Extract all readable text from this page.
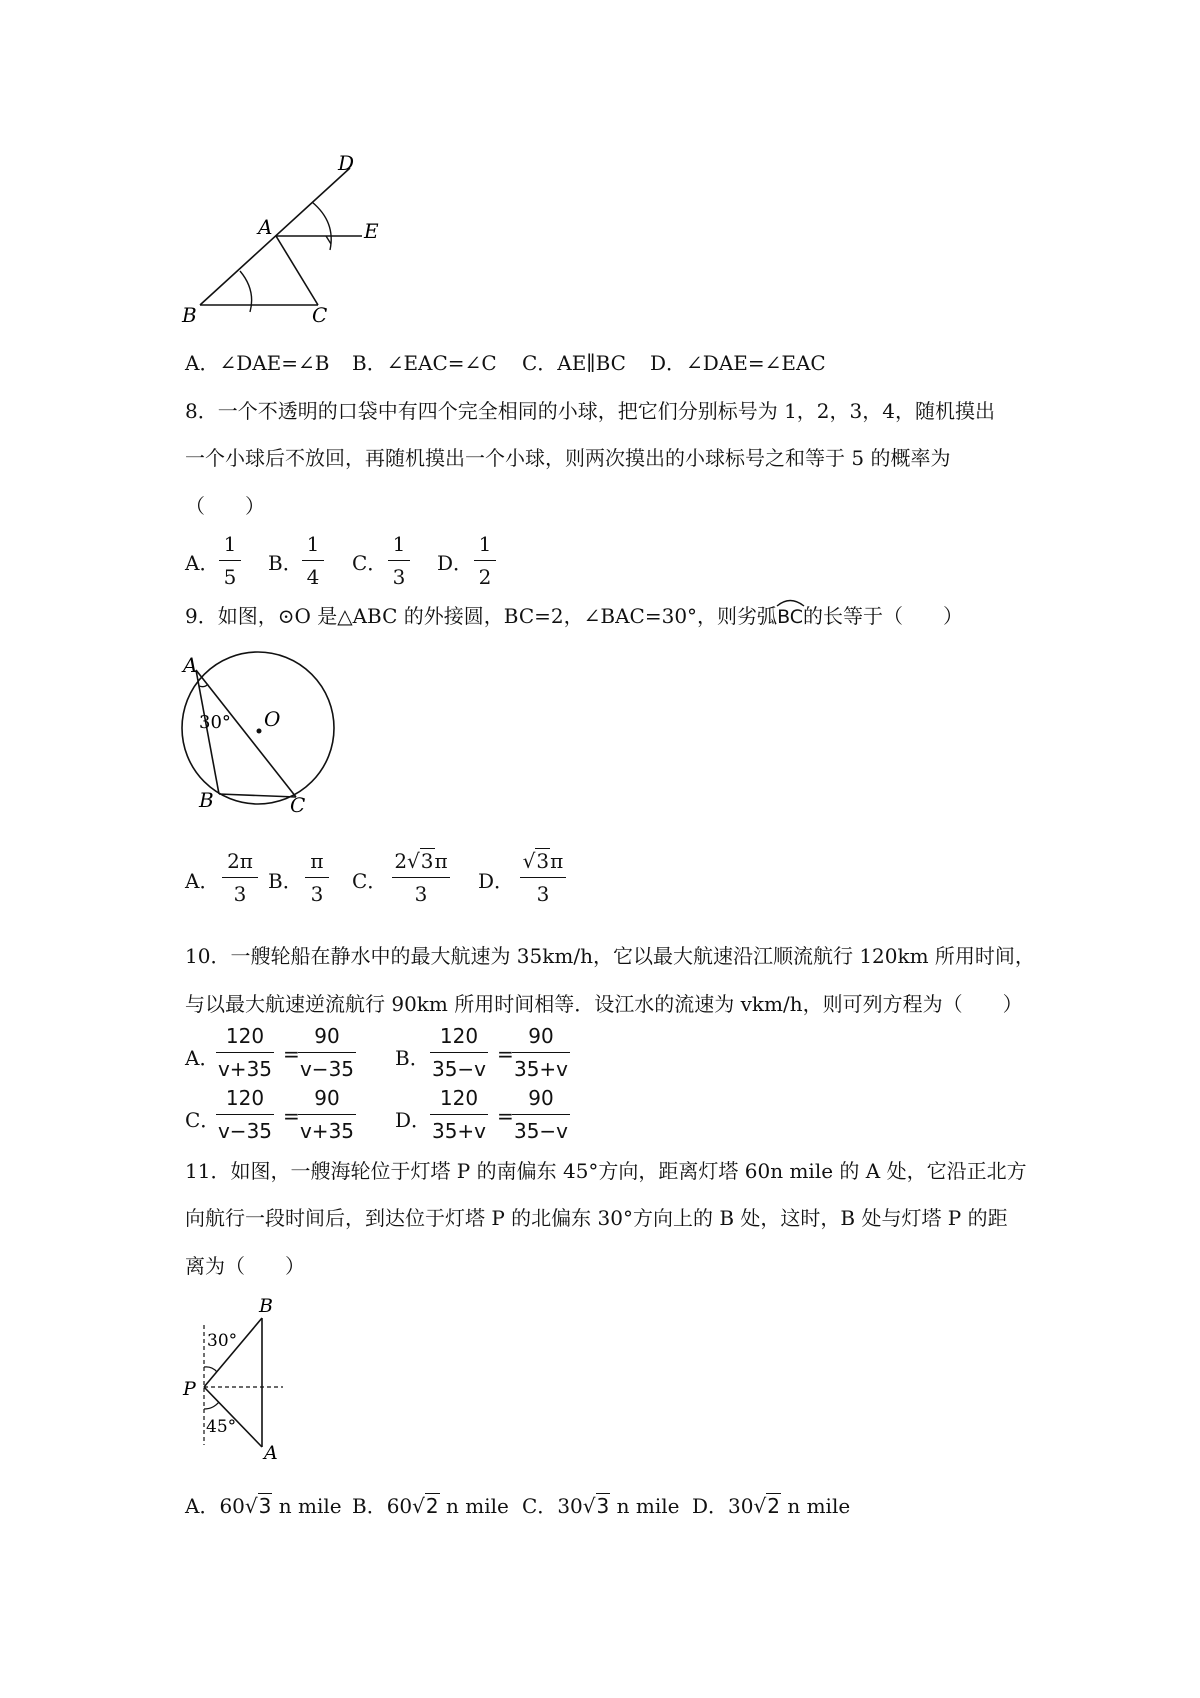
D
A	E
B	C
A．∠DAE=∠B B．∠EAC=∠C C．AE∥BC D．∠DAE=∠EAC
8．一个不透明的口袋中有四个完全相同的小球，把它们分别标号为 1，2，3，4，随机摸出
一个小球后不放回，再随机摸出一个小球，则两次摸出的小球标号之和等于 5 的概率为
（　　）
A．
1
5
B．
1
4
C．
1
3
D．
1
2
9．如图，⊙O 是△ABC 的外接圆，BC=2，∠BAC=30°，则劣弧
BC的长等于（　　）
A
30° O
B	C
A．
2π
3
B．
π
3
C．
2√3π
3
D．
√3π
3
10．一艘轮船在静水中的最大航速为 35km/h，它以最大航速沿江顺流航行 120km 所用时间，
与以最大航速逆流航行 90km 所用时间相等．设江水的流速为 vkm/h，则可列方程为（　　）
A．
120
v+35
=
90
v−35 B．
120
35−v
=
90
35+v
C．
120
v−35
=
90
v+35 D．
120
35+v
=
90
35−v
11．如图，一艘海轮位于灯塔 P 的南偏东 45°方向，距离灯塔 60n mile 的 A 处，它沿正北方
向航行一段时间后，到达位于灯塔 P 的北偏东 30°方向上的 B 处，这时，B 处与灯塔 P 的距
离为（　　）
B
30°
P
45°
A
A．60√3 n mile B．60√2 n mile C．30√3 n mile D．30√2 n mile
